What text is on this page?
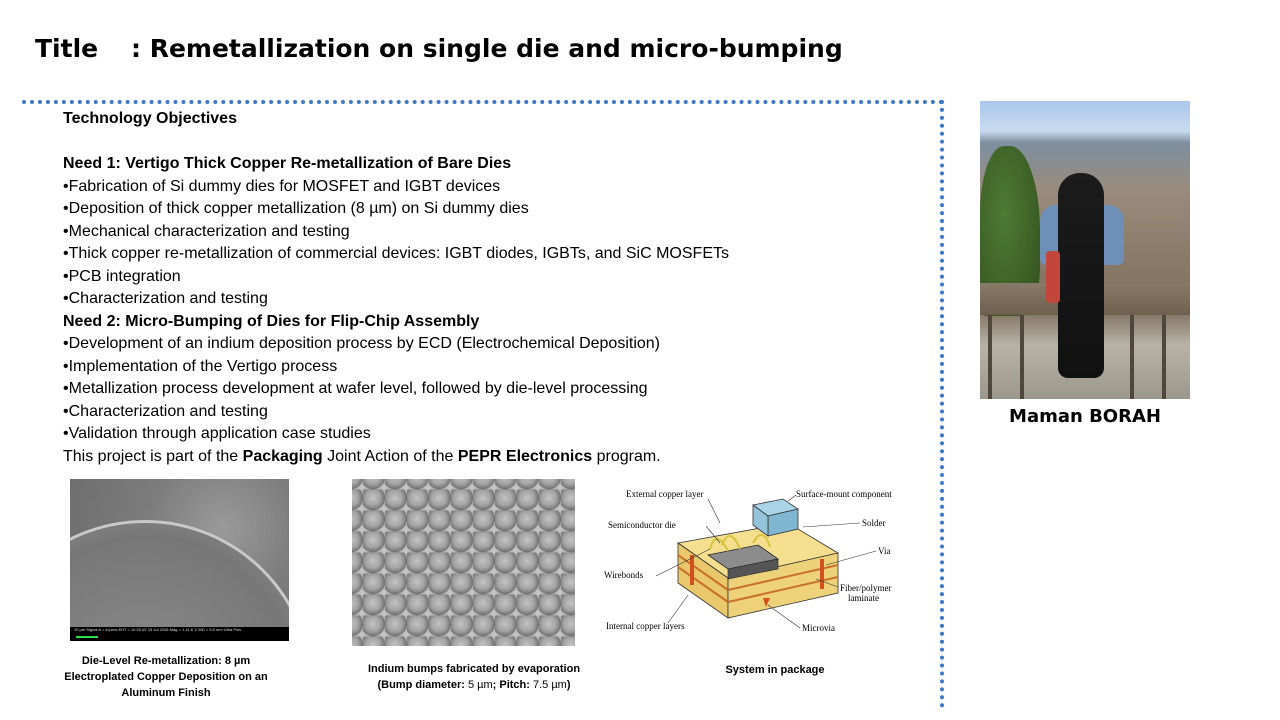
Title : Remetallization on single die and micro-bumping
Technology Objectives
Need 1: Vertigo Thick Copper Re-metallization of Bare Dies
• Fabrication of Si dummy dies for MOSFET and IGBT devices
• Deposition of thick copper metallization (8 µm) on Si dummy dies
• Mechanical characterization and testing
• Thick copper re-metallization of commercial devices: IGBT diodes, IGBTs, and SiC MOSFETs
• PCB integration
• Characterization and testing
Need 2: Micro-Bumping of Dies for Flip-Chip Assembly
• Development of an indium deposition process by ECD (Electrochemical Deposition)
• Implementation of the Vertigo process
• Metallization process development at wafer level, followed by die-level processing
• Characterization and testing
• Validation through application case studies
This project is part of the Packaging Joint Action of the PEPR Electronics program.
10 µm Signal A = InLens EHT = 10.00 kV 15 Jul 2026 Mag = 1.11 K X WD = 5.5 mm Ultra Plus
Die-Level Re-metallization: 8 µm Electroplated Copper Deposition on an Aluminum Finish
Indium bumps fabricated by evaporation (Bump diameter: 5 µm; Pitch: 7.5 µm)
External copper layer	Surface-mount component
Semiconductor die	Solder
Via
Wirebonds
Fiber/polymer
laminate
Internal copper layers	Microvia
System in package
Maman BORAH
